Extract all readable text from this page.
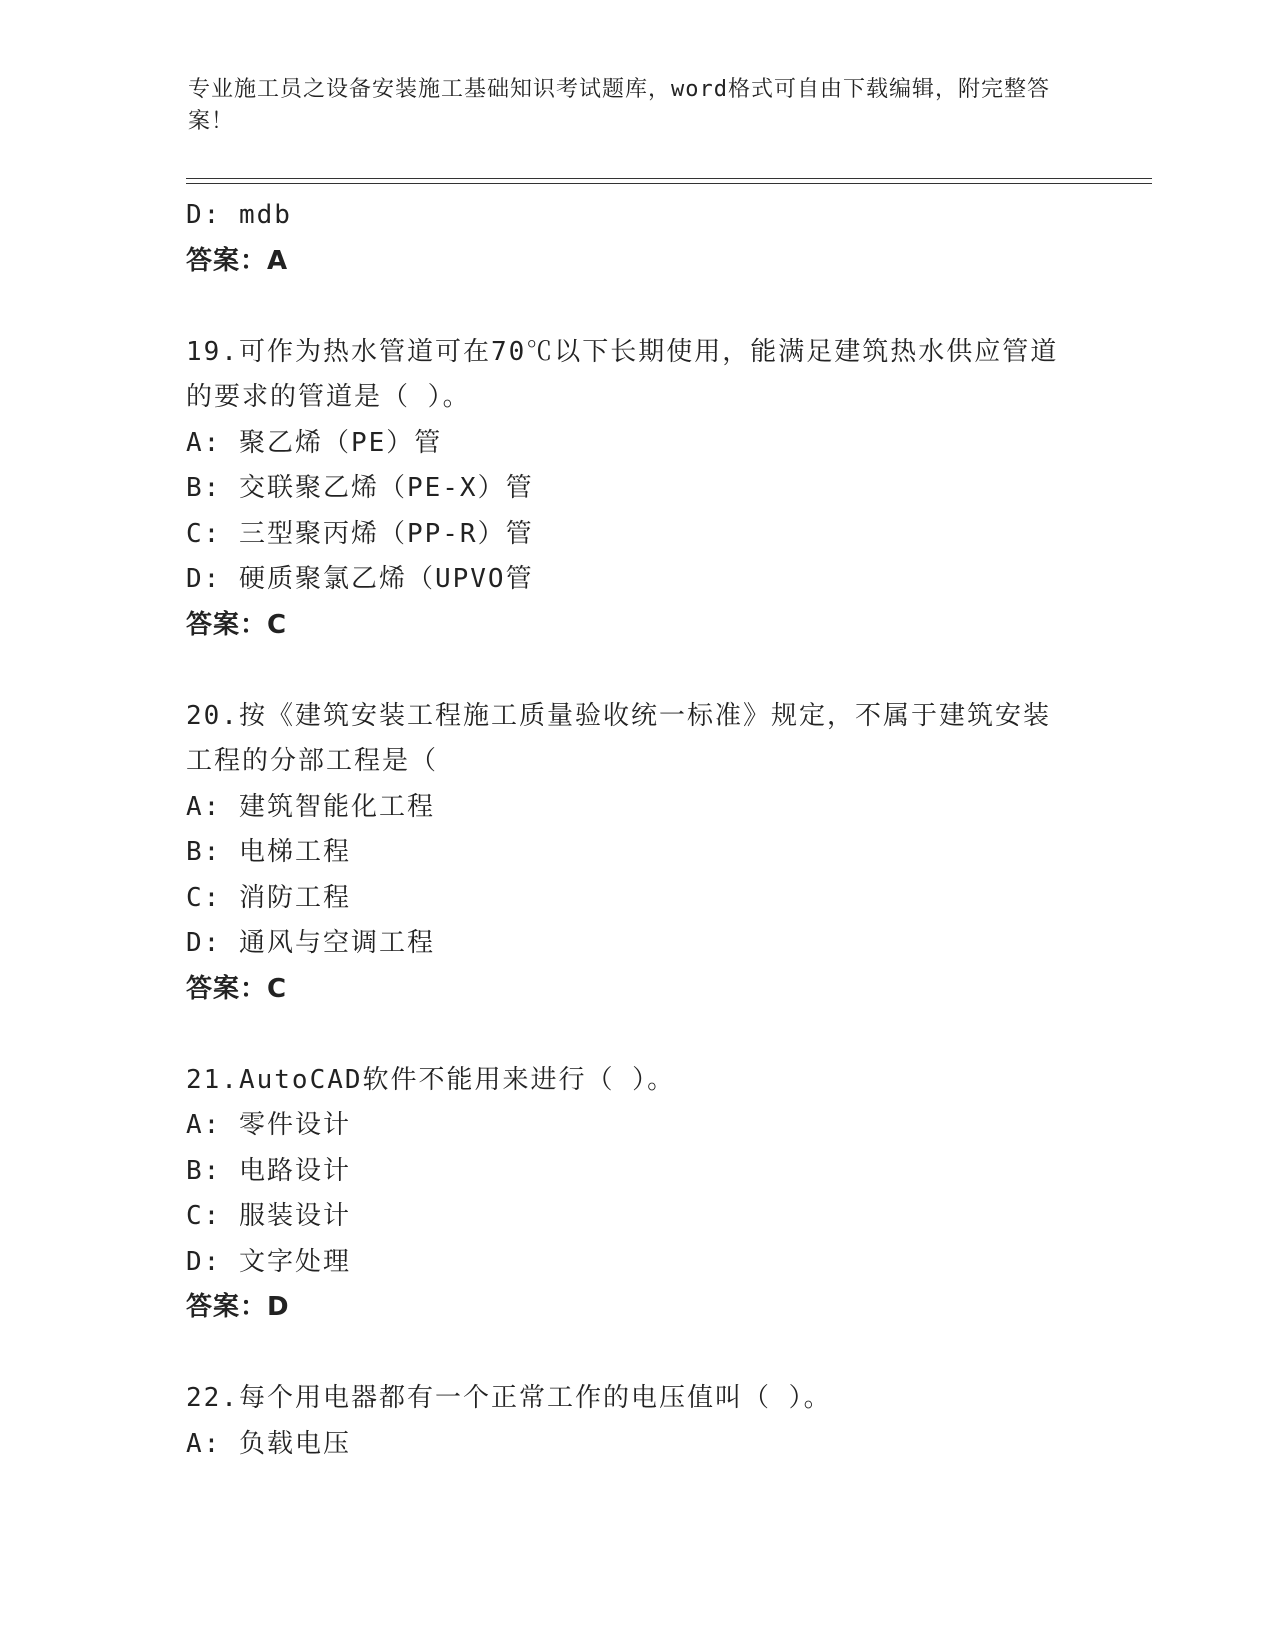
专业施工员之设备安装施工基础知识考试题库，word格式可自由下载编辑，附完整答案！
D: mdb
答案：A
19.可作为热水管道可在70℃以下长期使用，能满足建筑热水供应管道
的要求的管道是（ ）。
A: 聚乙烯（PE）管
B: 交联聚乙烯（PE-X）管
C: 三型聚丙烯（PP-R）管
D: 硬质聚氯乙烯（UPVO管
答案：C
20.按《建筑安装工程施工质量验收统一标准》规定，不属于建筑安装
工程的分部工程是（
A: 建筑智能化工程
B: 电梯工程
C: 消防工程
D: 通风与空调工程
答案：C
21.AutoCAD软件不能用来进行（ ）。
A: 零件设计
B: 电路设计
C: 服装设计
D: 文字处理
答案：D
22.每个用电器都有一个正常工作的电压值叫（ ）。
A: 负载电压
